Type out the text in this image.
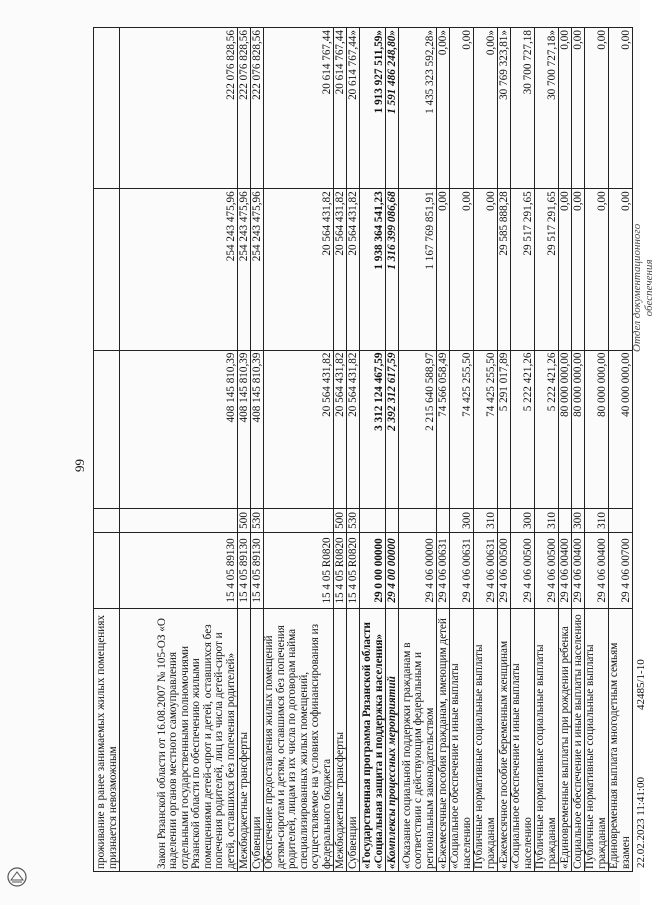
99
проживание в ранее занимаемых жилых помещениях признается невозможным					
Закон Рязанской области от 16.08.2007 № 105-ОЗ «О наделении органов местного самоуправления отдельными государственными полномочиями Рязанской области по обеспечению жилыми помещениями детей-сирот и детей, оставшихся без попечения родителей, лиц из числа детей-сирот и детей, оставшихся без попечения родителей»	15 4 05 89130		408 145 810,39	254 243 475,96	222 076 828,56
Межбюджетные трансферты	15 4 05 89130	500	408 145 810,39	254 243 475,96	222 076 828,56
Субвенции	15 4 05 89130	530	408 145 810,39	254 243 475,96	222 076 828,56
Обеспечение предоставления жилых помещений детям-сиротам и детям, оставшимся без попечения родителей, лицам из их числа по договорам найма специализированных жилых помещений, осуществляемое на условиях софинансирования из федерального бюджета	15 4 05 R0820		20 564 431,82	20 564 431,82	20 614 767,44
Межбюджетные трансферты	15 4 05 R0820	500	20 564 431,82	20 564 431,82	20 614 767,44
Субвенции	15 4 05 R0820	530	20 564 431,82	20 564 431,82	20 614 767,44»
«Государственная программа Рязанской области «Социальная защита и поддержка населения»	29 0 00 00000		3 312 124 467,59	1 938 364 541,23	1 913 927 511,59»
«Комплексы процессных мероприятий	29 4 00 00000		2 392 312 617,59	1 316 399 086,68	1 591 486 248,80»
«Оказание социальной поддержки гражданам в соответствии с действующим федеральным и региональным законодательством	29 4 06 00000		2 215 640 588,97	1 167 769 851,91	1 435 323 592,28»
«Ежемесячные пособия гражданам, имеющим детей	29 4 06 00631		74 566 058,49	0,00	0,00»
«Социальное обеспечение и иные выплаты населению	29 4 06 00631	300	74 425 255,50	0,00	0,00
Публичные нормативные социальные выплаты гражданам	29 4 06 00631	310	74 425 255,50	0,00	0,00»
«Ежемесячное пособие беременным женщинам	29 4 06 00500		5 291 017,89	29 585 888,28	30 769 323,81»
«Социальное обеспечение и иные выплаты населению	29 4 06 00500	300	5 222 421,26	29 517 291,65	30 700 727,18
Публичные нормативные социальные выплаты гражданам	29 4 06 00500	310	5 222 421,26	29 517 291,65	30 700 727,18»
«Единовременные выплаты при рождении ребенка	29 4 06 00400		80 000 000,00	0,00	0,00
Социальное обеспечение и иные выплаты населению	29 4 06 00400	300	80 000 000,00	0,00	0,00
Публичные нормативные социальные выплаты гражданам	29 4 06 00400	310	80 000 000,00	0,00	0,00
Единовременная выплата многодетным семьям взамен	29 4 06 00700		40 000 000,00	0,00	0,00
22.02.2023 11:41:00
42485/1-10
Отдел документационного обеспечения
